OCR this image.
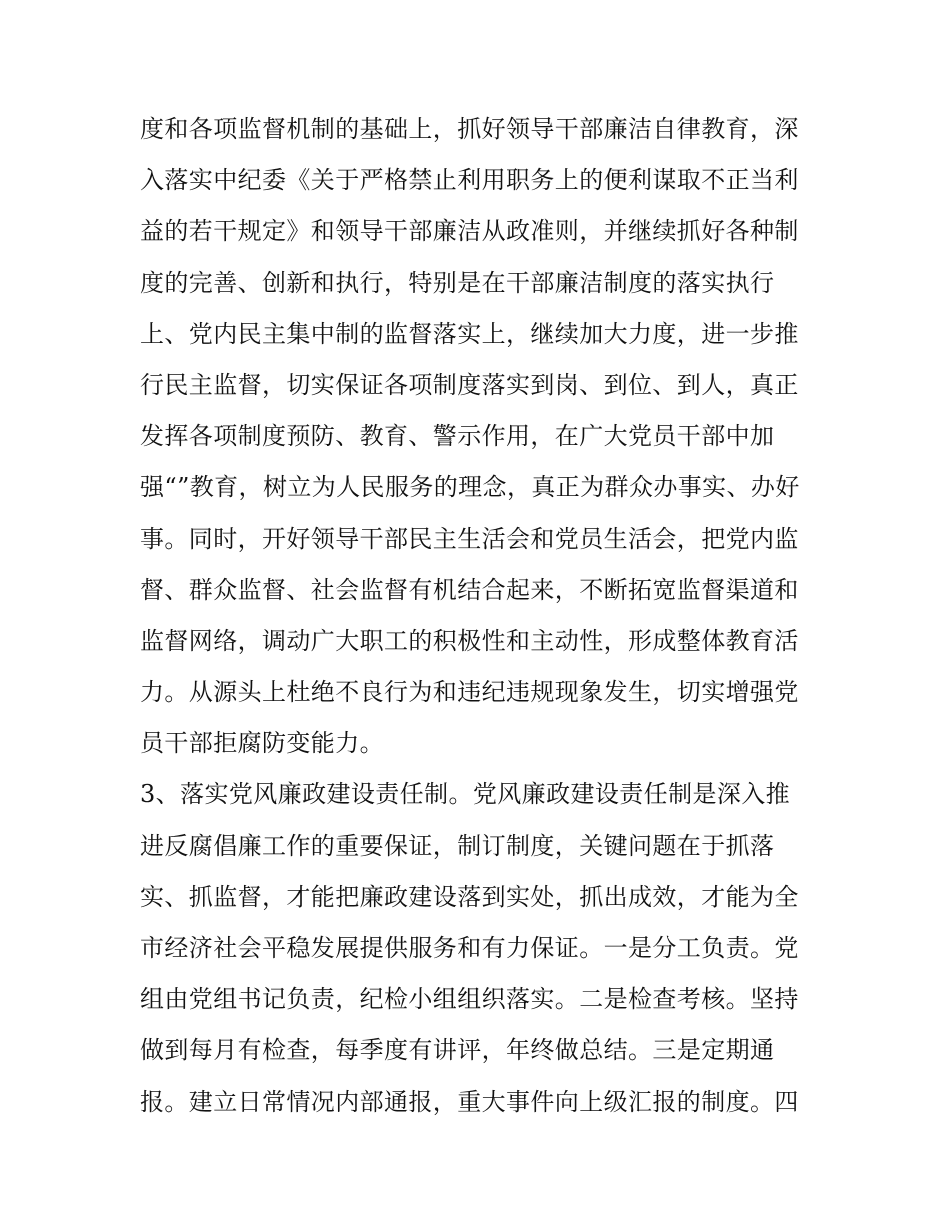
度和各项监督机制的基础上，抓好领导干部廉洁自律教育，深
入落实中纪委《关于严格禁止利用职务上的便利谋取不正当利
益的若干规定》和领导干部廉洁从政准则，并继续抓好各种制
度的完善、创新和执行，特别是在干部廉洁制度的落实执行
上、党内民主集中制的监督落实上，继续加大力度，进一步推
行民主监督，切实保证各项制度落实到岗、到位、到人，真正
发挥各项制度预防、教育、警示作用，在广大党员干部中加
强“”教育，树立为人民服务的理念，真正为群众办事实、办好
事。同时，开好领导干部民主生活会和党员生活会，把党内监
督、群众监督、社会监督有机结合起来，不断拓宽监督渠道和
监督网络，调动广大职工的积极性和主动性，形成整体教育活
力。从源头上杜绝不良行为和违纪违规现象发生，切实增强党
员干部拒腐防变能力。
3、落实党风廉政建设责任制。党风廉政建设责任制是深入推
进反腐倡廉工作的重要保证，制订制度，关键问题在于抓落
实、抓监督，才能把廉政建设落到实处，抓出成效，才能为全
市经济社会平稳发展提供服务和有力保证。一是分工负责。党
组由党组书记负责，纪检小组组织落实。二是检查考核。坚持
做到每月有检查，每季度有讲评，年终做总结。三是定期通
报。建立日常情况内部通报，重大事件向上级汇报的制度。四
